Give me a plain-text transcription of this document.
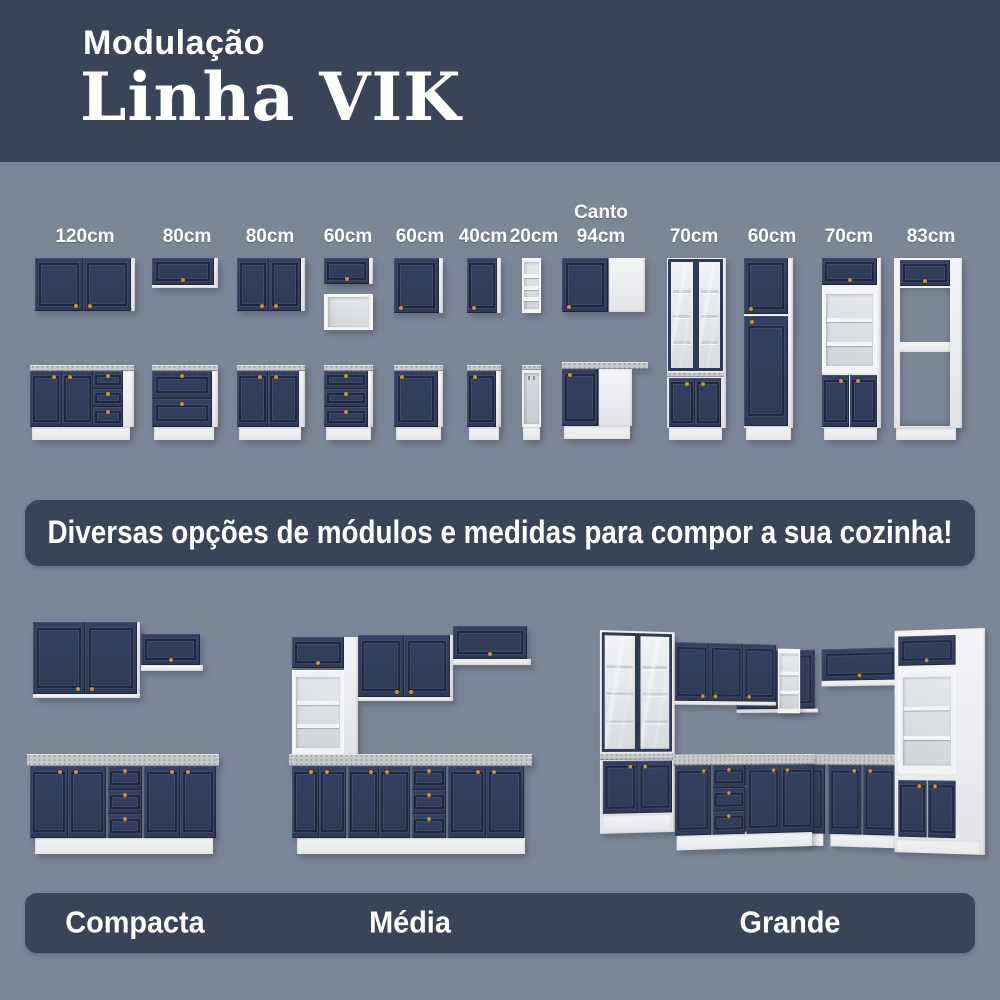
Modulação
Linha VIK
120cm	80cm 80cm 60cm 60cm 40cm 20cm
Canto
94cm 70cm 60cm 70cm 83cm
Diversas opções de módulos e medidas para compor a sua cozinha!
Compacta	Média	Grande
